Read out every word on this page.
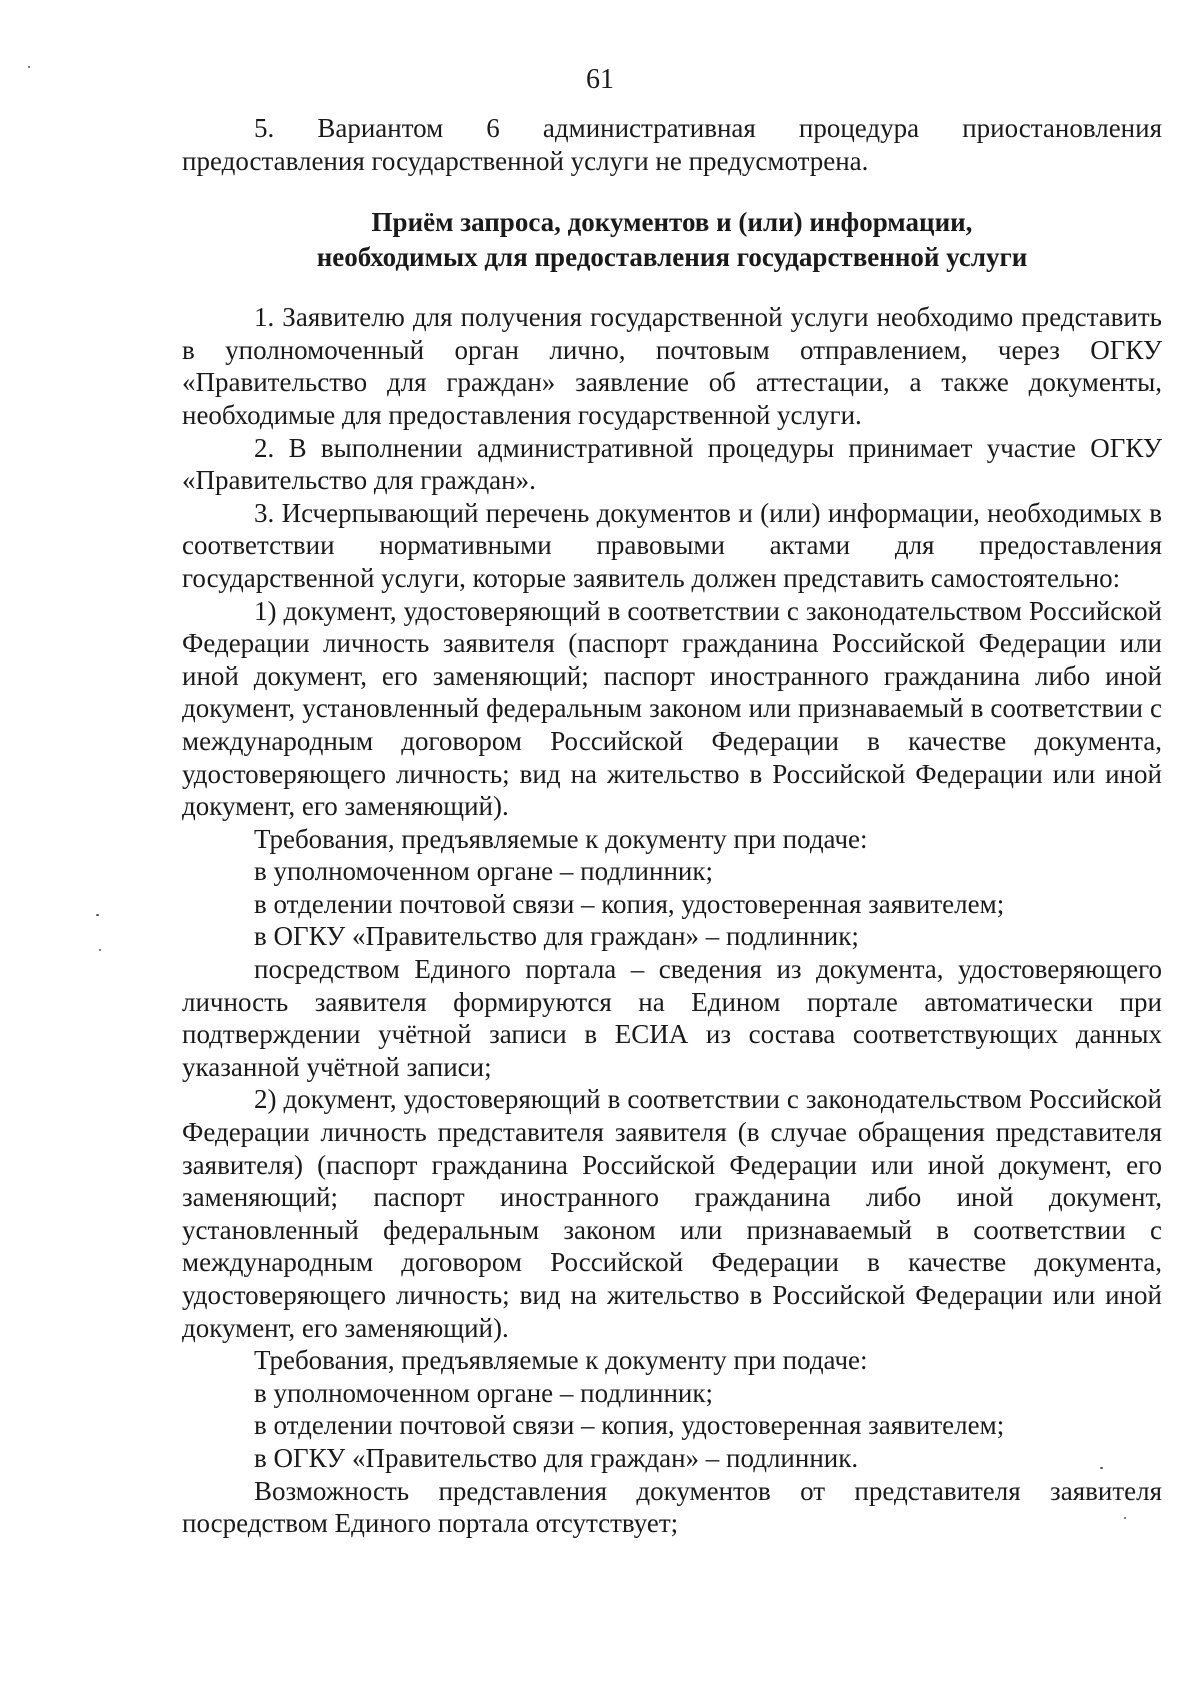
61

5. Вариантом 6 административная процедура приостановления предоставления государственной услуги не предусмотрена.

Приём запроса, документов и (или) информации,
необходимых для предоставления государственной услуги

1. Заявителю для получения государственной услуги необходимо представить в уполномоченный орган лично, почтовым отправлением, через ОГКУ «Правительство для граждан» заявление об аттестации, а также документы, необходимые для предоставления государственной услуги.

2. В выполнении административной процедуры принимает участие ОГКУ «Правительство для граждан».

3. Исчерпывающий перечень документов и (или) информации, необходимых в соответствии нормативными правовыми актами для предоставления государственной услуги, которые заявитель должен представить самостоятельно:

1) документ, удостоверяющий в соответствии с законодательством Российской Федерации личность заявителя (паспорт гражданина Российской Федерации или иной документ, его заменяющий; паспорт иностранного гражданина либо иной документ, установленный федеральным законом или признаваемый в соответствии с международным договором Российской Федерации в качестве документа, удостоверяющего личность; вид на жительство в Российской Федерации или иной документ, его заменяющий).

Требования, предъявляемые к документу при подаче:

в уполномоченном органе – подлинник;

в отделении почтовой связи – копия, удостоверенная заявителем;

в ОГКУ «Правительство для граждан» – подлинник;

посредством Единого портала – сведения из документа, удостоверяющего личность заявителя формируются на Едином портале автоматически при подтверждении учётной записи в ЕСИА из состава соответствующих данных указанной учётной записи;

2) документ, удостоверяющий в соответствии с законодательством Российской Федерации личность представителя заявителя (в случае обращения представителя заявителя) (паспорт гражданина Российской Федерации или иной документ, его заменяющий; паспорт иностранного гражданина либо иной документ, установленный федеральным законом или признаваемый в соответствии с международным договором Российской Федерации в качестве документа, удостоверяющего личность; вид на жительство в Российской Федерации или иной документ, его заменяющий).

Требования, предъявляемые к документу при подаче:

в уполномоченном органе – подлинник;

в отделении почтовой связи – копия, удостоверенная заявителем;

в ОГКУ «Правительство для граждан» – подлинник.

Возможность представления документов от представителя заявителя посредством Единого портала отсутствует;
